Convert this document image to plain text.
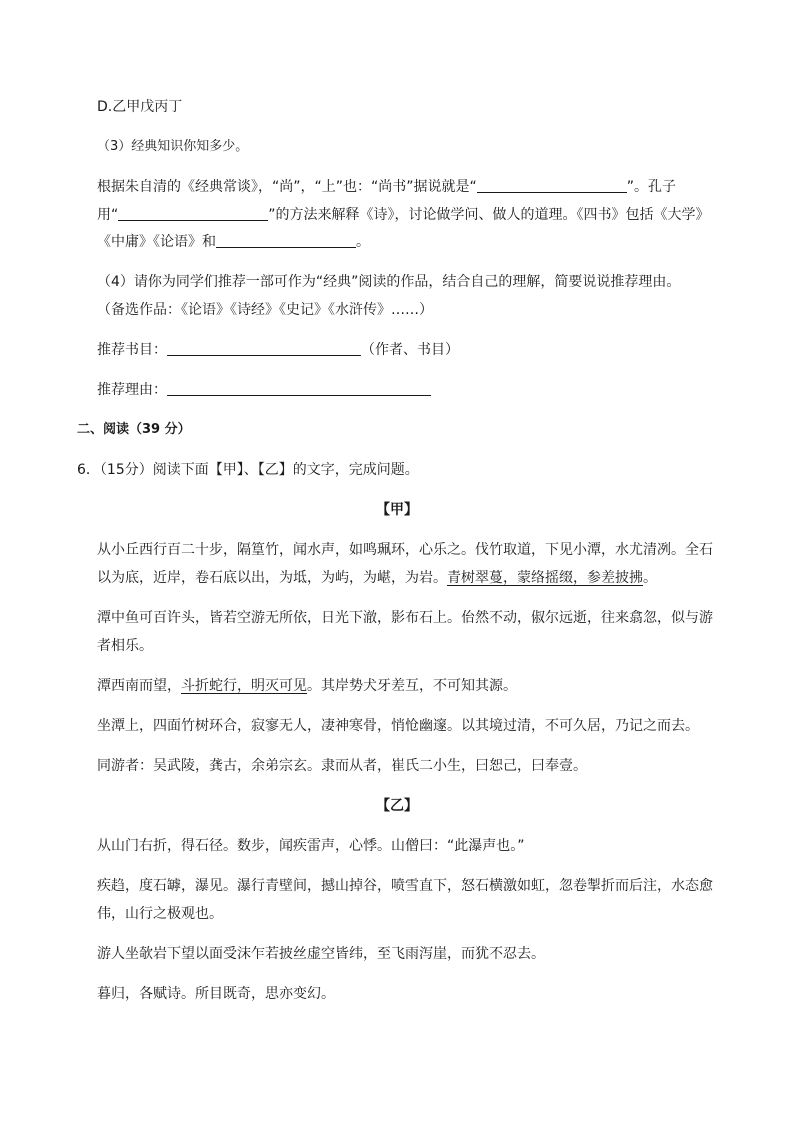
D.乙甲戊丙丁
（3）经典知识你知多少。
根据朱自清的《经典常谈》，“尚”，“上”也：“尚书”据说就是“	”。孔子
用“	”的方法来解释《诗》，讨论做学问、做人的道理。《四书》包括《大学》
《中庸》《论语》和	。
（4）请你为同学们推荐一部可作为“经典”阅读的作品，结合自己的理解，简要说说推荐理由。
（备选作品：《论语》《诗经》《史记》《水浒传》……）
推荐书目：	（作者、书目）
推荐理由：
二、阅读（39 分）
6．（15分）阅读下面【甲】、【乙】的文字，完成问题。
【甲】
从小丘西行百二十步，隔篁竹，闻水声，如鸣珮环，心乐之。伐竹取道，下见小潭，水尤清冽。全石
以为底，近岸，卷石底以出，为坻，为屿，为嵁，为岩。青树翠蔓，蒙络摇缀，参差披拂。
潭中鱼可百许头，皆若空游无所依，日光下澈，影布石上。佁然不动，俶尔远逝，往来翕忽，似与游
者相乐。
潭西南而望，斗折蛇行，明灭可见。其岸势犬牙差互，不可知其源。
坐潭上，四面竹树环合，寂寥无人，凄神寒骨，悄怆幽邃。以其境过清，不可久居，乃记之而去。
同游者：吴武陵，龚古，余弟宗玄。隶而从者，崔氏二小生，曰恕己，曰奉壹。
【乙】
从山门右折，得石径。数步，闻疾雷声，心悸。山僧曰：“此瀑声也。”
疾趋，度石罅，瀑见。瀑行青壁间，撼山掉谷，喷雪直下，怒石横激如虹，忽卷掣折而后注，水态愈
伟，山行之极观也。
游人坐欹岩下望以面受沫乍若披丝虚空皆纬，至飞雨泻崖，而犹不忍去。
暮归，各赋诗。所目既奇，思亦变幻。
